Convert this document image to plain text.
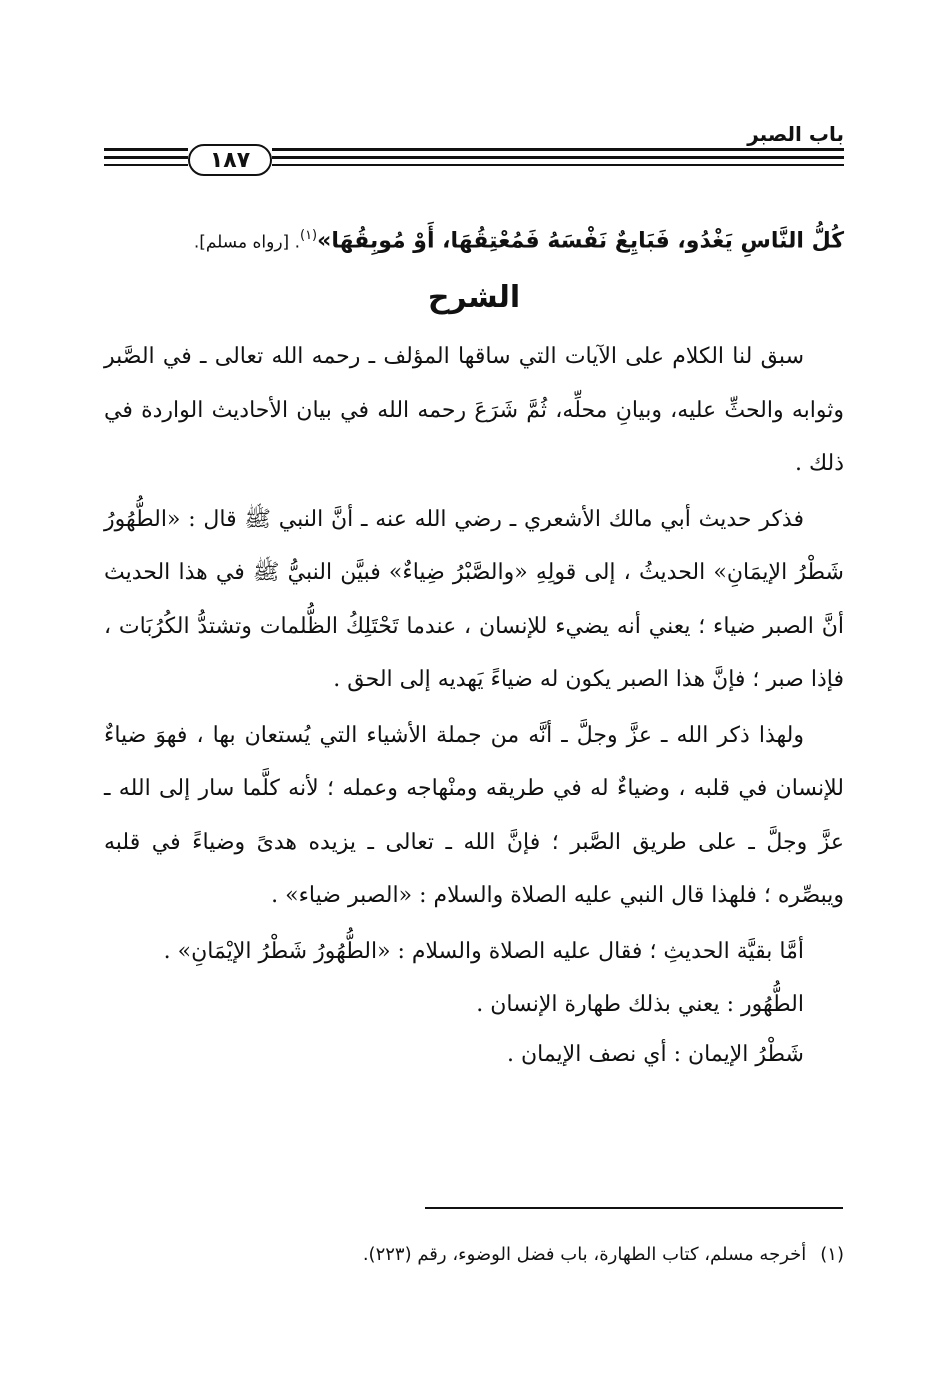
باب الصبر
١٨٧

كُلُّ النَّاسِ يَغْدُو، فَبَايِعٌ نَفْسَهُ فَمُعْتِقُهَا، أَوْ مُوبِقُهَا»$^{(١)}$. [رواه مسلم].

الشرح

سبق لنا الكلام على الآيات التي ساقها المؤلف ـ رحمه الله تعالى ـ في الصَّبر وثوابه والحثِّ عليه، وبيانِ محلِّه، ثُمَّ شَرَعَ رحمه الله في بيان الأحاديث الواردة في ذلك .

فذكر حديث أبي مالك الأشعري ـ رضي الله عنه ـ أنَّ النبي ﷺ قال : «الطُّهُورُ شَطْرُ الإيمَانِ» الحديثُ ، إلى قولِهِ «والصَّبْرُ ضِياءٌ» فبيَّن النبيُّ ﷺ في هذا الحديث أنَّ الصبر ضياء ؛ يعني أنه يضيء للإنسان ، عندما تَحْتَلِكُ الظُّلمات وتشتدُّ الكُرُبَات ، فإذا صبر ؛ فإنَّ هذا الصبر يكون له ضياءً يَهديه إلى الحق .

ولهذا ذكر الله ـ عزَّ وجلَّ ـ أنَّه من جملة الأشياء التي يُستعان بها ، فهوَ ضياءٌ للإنسان في قلبه ، وضياءٌ له في طريقه ومنْهاجه وعمله ؛ لأنه كلَّما سار إلى الله ـ عزَّ وجلَّ ـ على طريق الصَّبر ؛ فإنَّ الله ـ تعالى ـ يزيده هدىً وضياءً في قلبه ويبصِّره ؛ فلهذا قال النبي عليه الصلاة والسلام : «الصبر ضياء» .

أمَّا بقيَّة الحديثِ ؛ فقال عليه الصلاة والسلام : «الطُّهُورُ شَطْرُ الإيْمَانِ» .

الطُّهُور : يعني بذلك طهارة الإنسان .

شَطْرُ الإيمان : أي نصف الإيمان .

(١)أخرجه مسلم، كتاب الطهارة، باب فضل الوضوء، رقم (٢٢٣).
